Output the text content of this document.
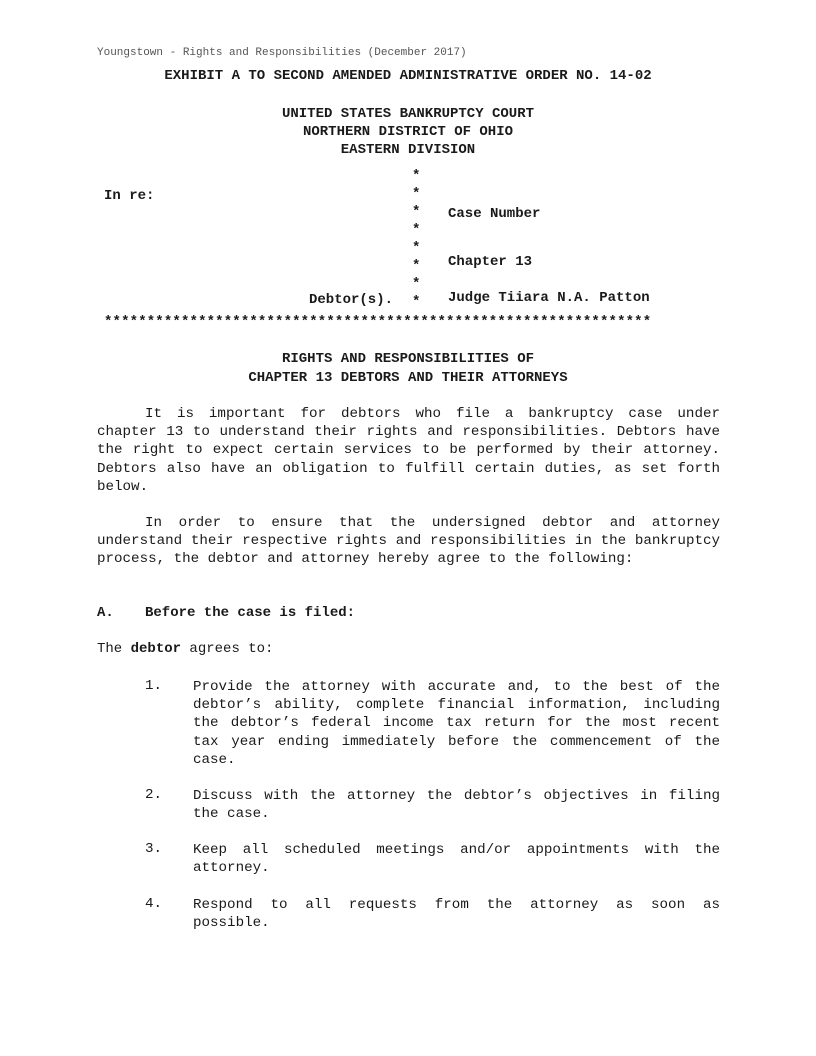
Youngstown - Rights and Responsibilities (December 2017)
EXHIBIT A TO SECOND AMENDED ADMINISTRATIVE ORDER NO. 14-02
UNITED STATES BANKRUPTCY COURT
NORTHERN DISTRICT OF OHIO
EASTERN DIVISION
In re:
*
*
*
*
*
*
*
*
Case Number
Chapter 13
Debtor(s).	Judge Tiiara N.A. Patton
****************************************************************
RIGHTS AND RESPONSIBILITIES OF
CHAPTER 13 DEBTORS AND THEIR ATTORNEYS
It is important for debtors who file a bankruptcy case under chapter 13 to understand their rights and responsibilities. Debtors have the right to expect certain services to be performed by their attorney. Debtors also have an obligation to fulfill certain duties, as set forth below.
In order to ensure that the undersigned debtor and attorney understand their respective rights and responsibilities in the bankruptcy process, the debtor and attorney hereby agree to the following:
A. Before the case is filed:
The debtor agrees to:
1. Provide the attorney with accurate and, to the best of the debtor’s ability, complete financial information, including the debtor’s federal income tax return for the most recent tax year ending immediately before the commencement of the case.
2. Discuss with the attorney the debtor’s objectives in filing the case.
3. Keep all scheduled meetings and/or appointments with the attorney.
4. Respond to all requests from the attorney as soon as possible.
